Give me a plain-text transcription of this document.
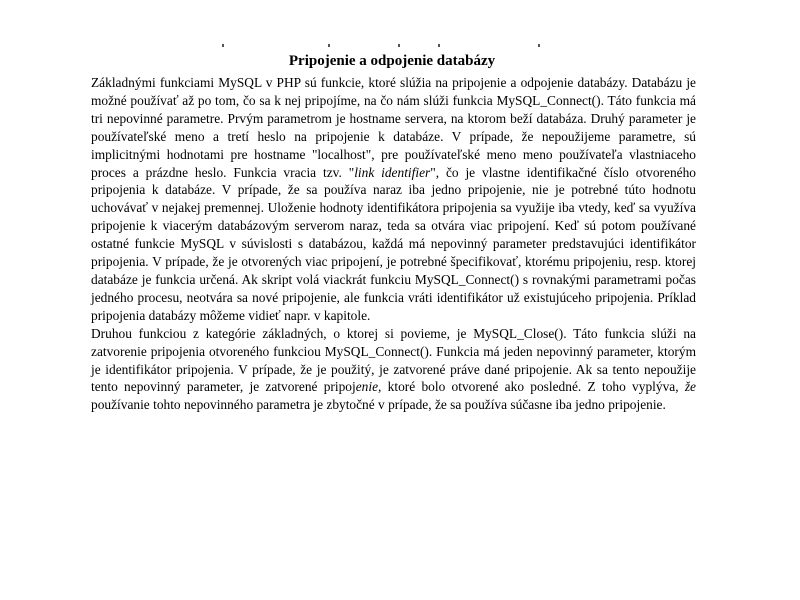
Pripojenie a odpojenie databázy

Základnými funkciami MySQL v PHP sú funkcie, ktoré slúžia na pripojenie a odpojenie databázy. Databázu je možné používať až po tom, čo sa k nej pripojíme, na čo nám slúži funkcia MySQL_Connect(). Táto funkcia má tri nepovinné parametre. Prvým parametrom je hostname servera, na ktorom beží databáza. Druhý parameter je používateľské meno a tretí heslo na pripojenie k databáze. V prípade, že nepoužijeme parametre, sú implicitnými hodnotami pre hostname "localhost", pre používateľské meno meno používateľa vlastniaceho proces a prázdne heslo. Funkcia vracia tzv. "link identifier", čo je vlastne identifikačné číslo otvoreného pripojenia k databáze. V prípade, že sa používa naraz iba jedno pripojenie, nie je potrebné túto hodnotu uchovávať v nejakej premennej. Uloženie hodnoty identifikátora pripojenia sa využije iba vtedy, keď sa využíva pripojenie k viacerým databázovým serverom naraz, teda sa otvára viac pripojení. Keď sú potom používané ostatné funkcie MySQL v súvislosti s databázou, každá má nepovinný parameter predstavujúci identifikátor pripojenia. V prípade, že je otvorených viac pripojení, je potrebné špecifikovať, ktorému pripojeniu, resp. ktorej databáze je funkcia určená. Ak skript volá viackrát funkciu MySQL_Connect() s rovnakými parametrami počas jedného procesu, neotvára sa nové pripojenie, ale funkcia vráti identifikátor už existujúceho pripojenia. Príklad pripojenia databázy môžeme vidieť napr. v kapitole.

Druhou funkciou z kategórie základných, o ktorej si povieme, je MySQL_Close(). Táto funkcia slúži na zatvorenie pripojenia otvoreného funkciou MySQL_Connect(). Funkcia má jeden nepovinný parameter, ktorým je identifikátor pripojenia. V prípade, že je použitý, je zatvorené práve dané pripojenie. Ak sa tento nepoužije tento nepovinný parameter, je zatvorené pripojenie, ktoré bolo otvorené ako posledné. Z toho vyplýva, že používanie tohto nepovinného parametra je zbytočné v prípade, že sa používa súčasne iba jedno pripojenie.
